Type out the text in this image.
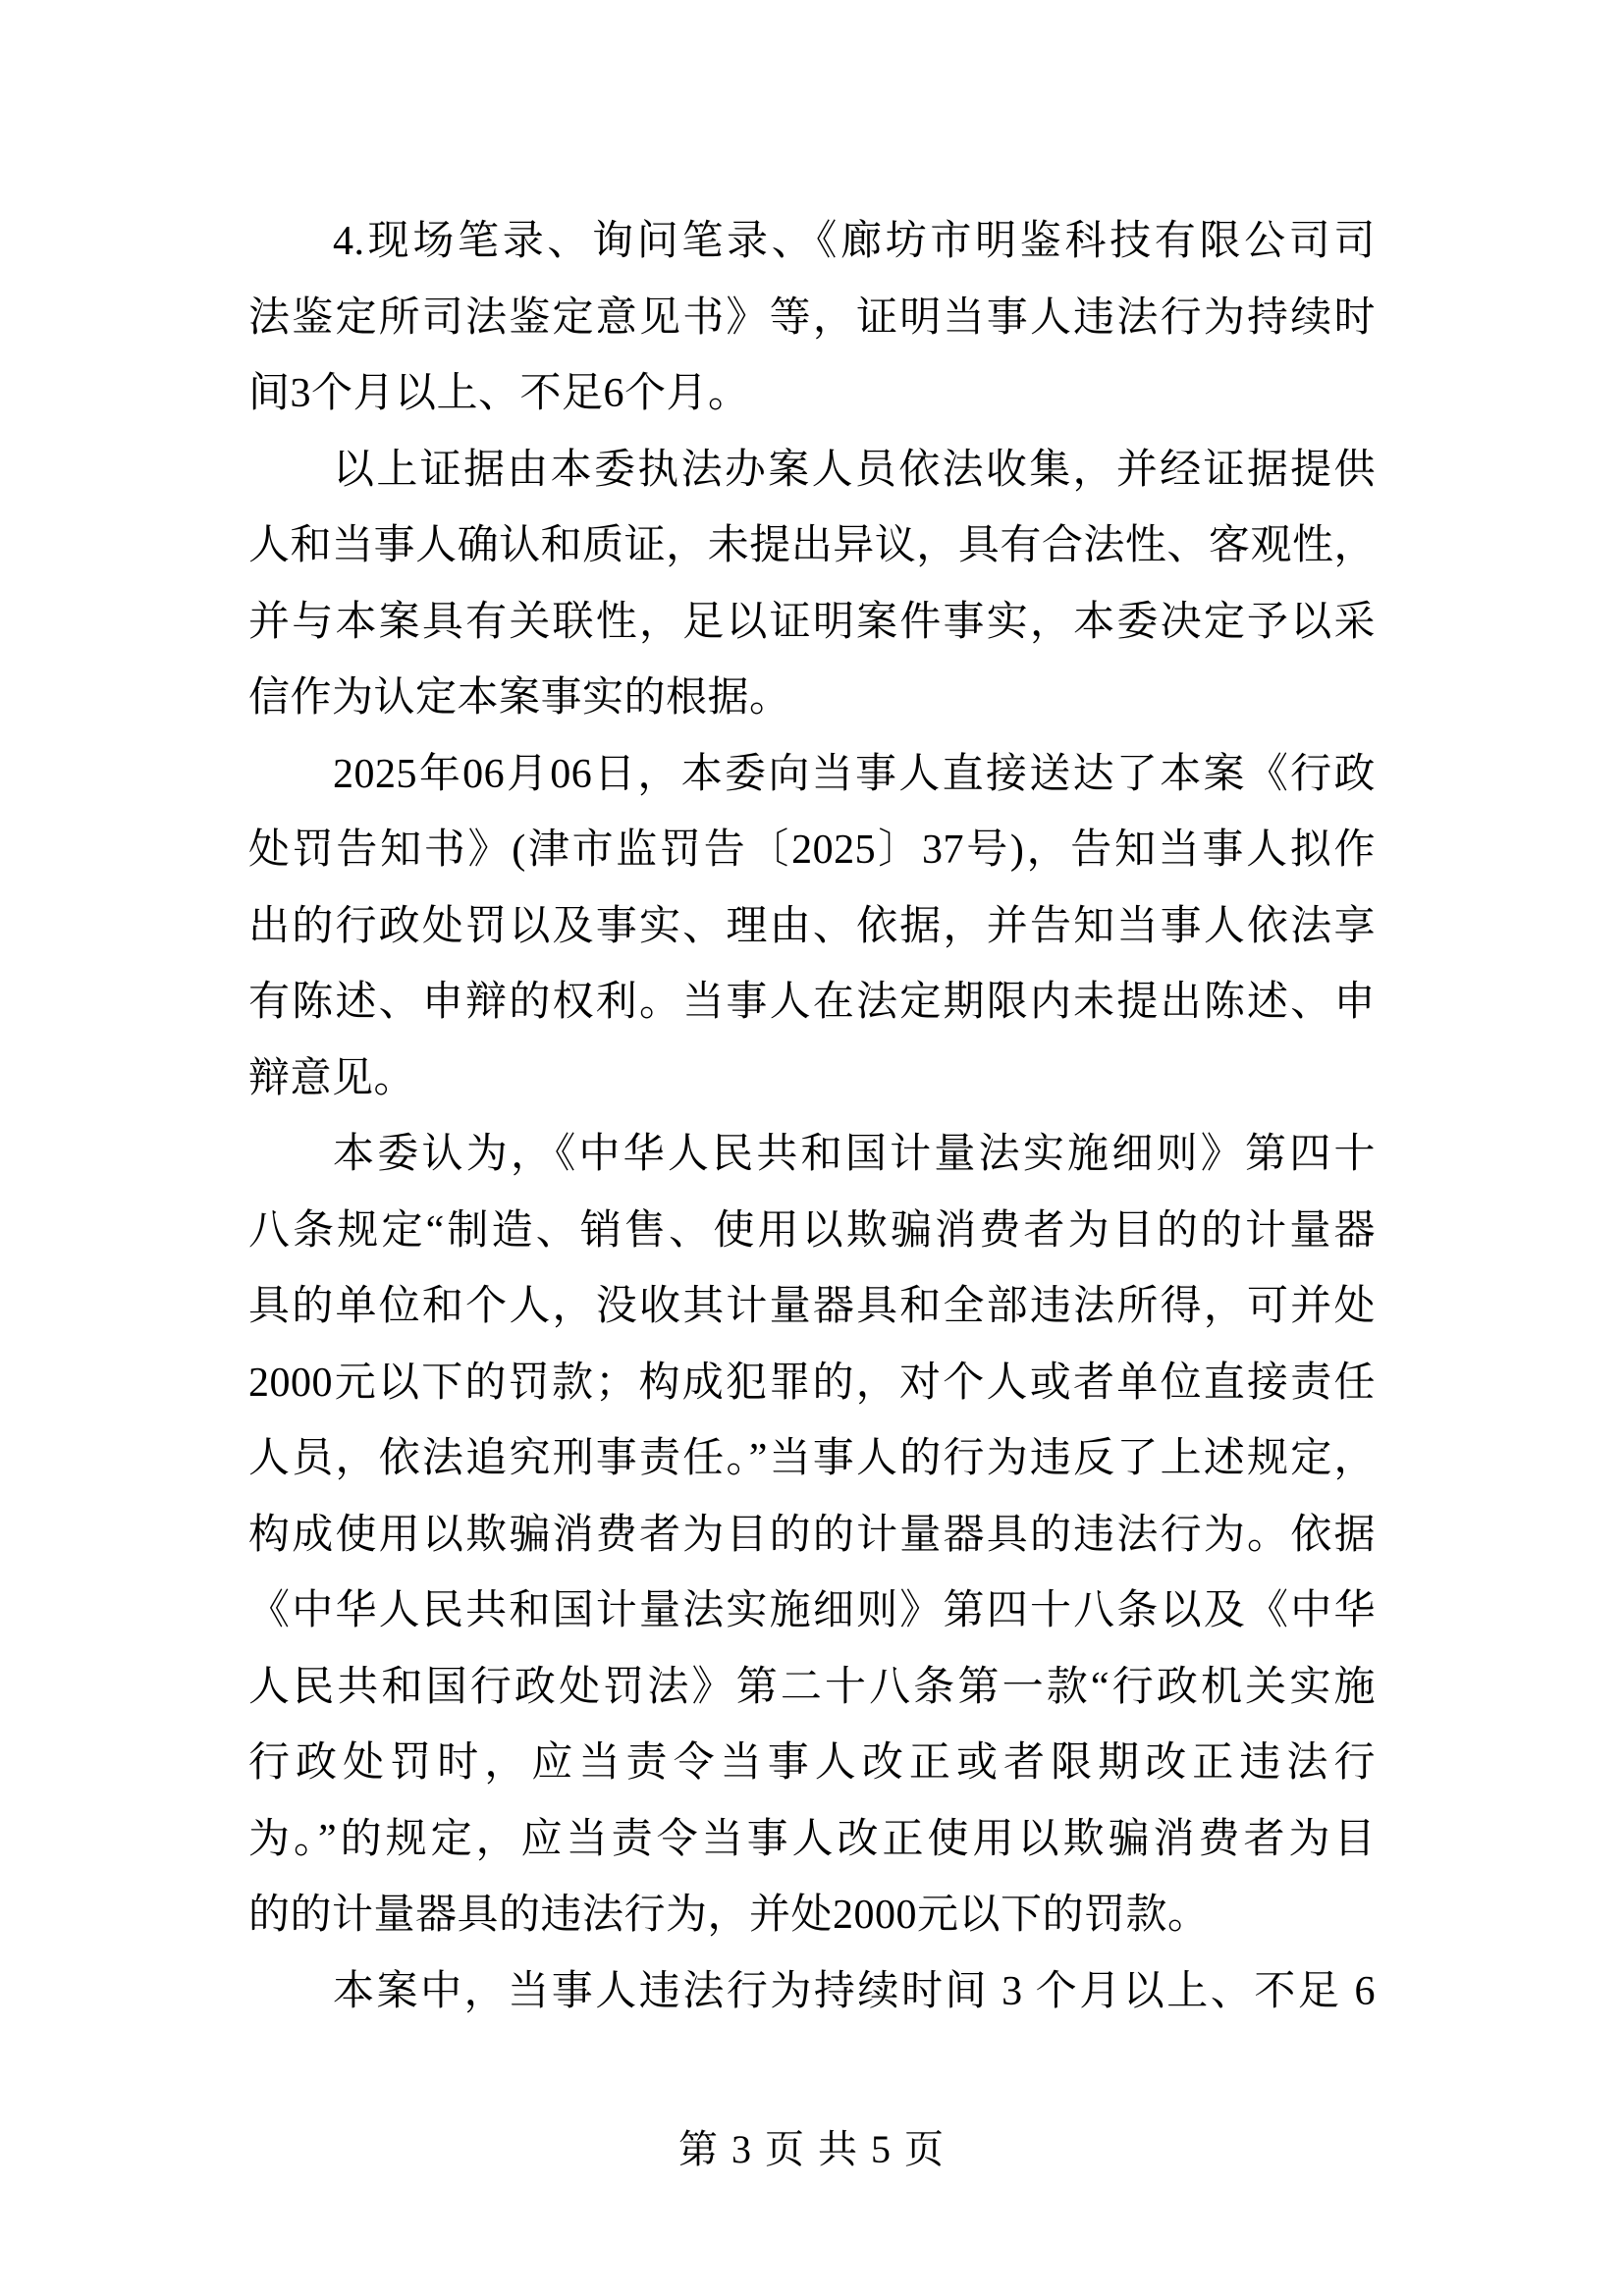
4.现场笔录、询问笔录、《廊坊市明鉴科技有限公司司
法鉴定所司法鉴定意见书》等，证明当事人违法行为持续时
间3个月以上、不足6个月。
以上证据由本委执法办案人员依法收集，并经证据提供
人和当事人确认和质证，未提出异议，具有合法性、客观性，
并与本案具有关联性，足以证明案件事实，本委决定予以采
信作为认定本案事实的根据。
2025年06月06日，本委向当事人直接送达了本案《行政
处罚告知书》(津市监罚告〔2025〕37号)，告知当事人拟作
出的行政处罚以及事实、理由、依据，并告知当事人依法享
有陈述、申辩的权利。当事人在法定期限内未提出陈述、申
辩意见。
本委认为，《中华人民共和国计量法实施细则》第四十
八条规定“制造、销售、使用以欺骗消费者为目的的计量器
具的单位和个人，没收其计量器具和全部违法所得，可并处
2000元以下的罚款；构成犯罪的，对个人或者单位直接责任
人员，依法追究刑事责任。”当事人的行为违反了上述规定，
构成使用以欺骗消费者为目的的计量器具的违法行为。依据
《中华人民共和国计量法实施细则》第四十八条以及《中华
人民共和国行政处罚法》第二十八条第一款“行政机关实施
行政处罚时，应当责令当事人改正或者限期改正违法行
为。”的规定，应当责令当事人改正使用以欺骗消费者为目
的的计量器具的违法行为，并处2000元以下的罚款。
本案中，当事人违法行为持续时间 3 个月以上、不足 6
第 3 页 共 5 页
